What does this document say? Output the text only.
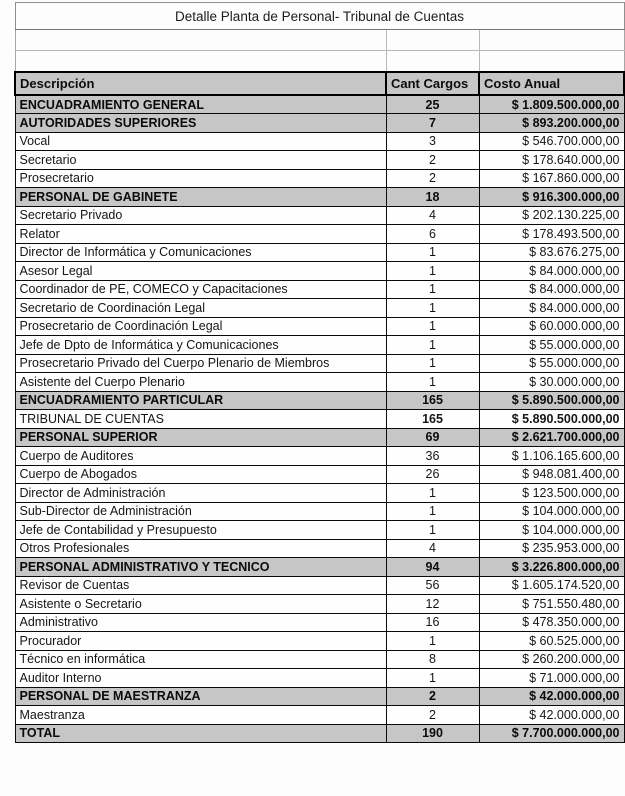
Detalle Planta de Personal- Tribunal de Cuentas		

Descripción	Cant Cargos	Costo Anual
ENCUADRAMIENTO GENERAL	25	$ 1.809.500.000,00
AUTORIDADES SUPERIORES	7	$ 893.200.000,00
Vocal	3	$ 546.700.000,00
Secretario	2	$ 178.640.000,00
Prosecretario	2	$ 167.860.000,00
PERSONAL DE GABINETE	18	$ 916.300.000,00
Secretario Privado	4	$ 202.130.225,00
Relator	6	$ 178.493.500,00
Director de Informática y Comunicaciones	1	$ 83.676.275,00
Asesor Legal	1	$ 84.000.000,00
Coordinador de PE, COMECO y Capacitaciones	1	$ 84.000.000,00
Secretario de Coordinación Legal	1	$ 84.000.000,00
Prosecretario de Coordinación Legal	1	$ 60.000.000,00
Jefe de Dpto de Informática y Comunicaciones	1	$ 55.000.000,00
Prosecretario Privado del Cuerpo Plenario de Miembros	1	$ 55.000.000,00
Asistente del Cuerpo Plenario	1	$ 30.000.000,00
ENCUADRAMIENTO PARTICULAR	165	$ 5.890.500.000,00
TRIBUNAL DE CUENTAS	165	$ 5.890.500.000,00
PERSONAL SUPERIOR	69	$ 2.621.700.000,00
Cuerpo de Auditores	36	$ 1.106.165.600,00
Cuerpo de Abogados	26	$ 948.081.400,00
Director de Administración	1	$ 123.500.000,00
Sub-Director de Administración	1	$ 104.000.000,00
Jefe de Contabilidad y Presupuesto	1	$ 104.000.000,00
Otros Profesionales	4	$ 235.953.000,00
PERSONAL ADMINISTRATIVO Y TECNICO	94	$ 3.226.800.000,00
Revisor de Cuentas	56	$ 1.605.174.520,00
Asistente o Secretario	12	$ 751.550.480,00
Administrativo	16	$ 478.350.000,00
Procurador	1	$ 60.525.000,00
Técnico en informática	8	$ 260.200.000,00
Auditor Interno	1	$ 71.000.000,00
PERSONAL DE MAESTRANZA	2	$ 42.000.000,00
Maestranza	2	$ 42.000.000,00
TOTAL	190	$ 7.700.000.000,00
